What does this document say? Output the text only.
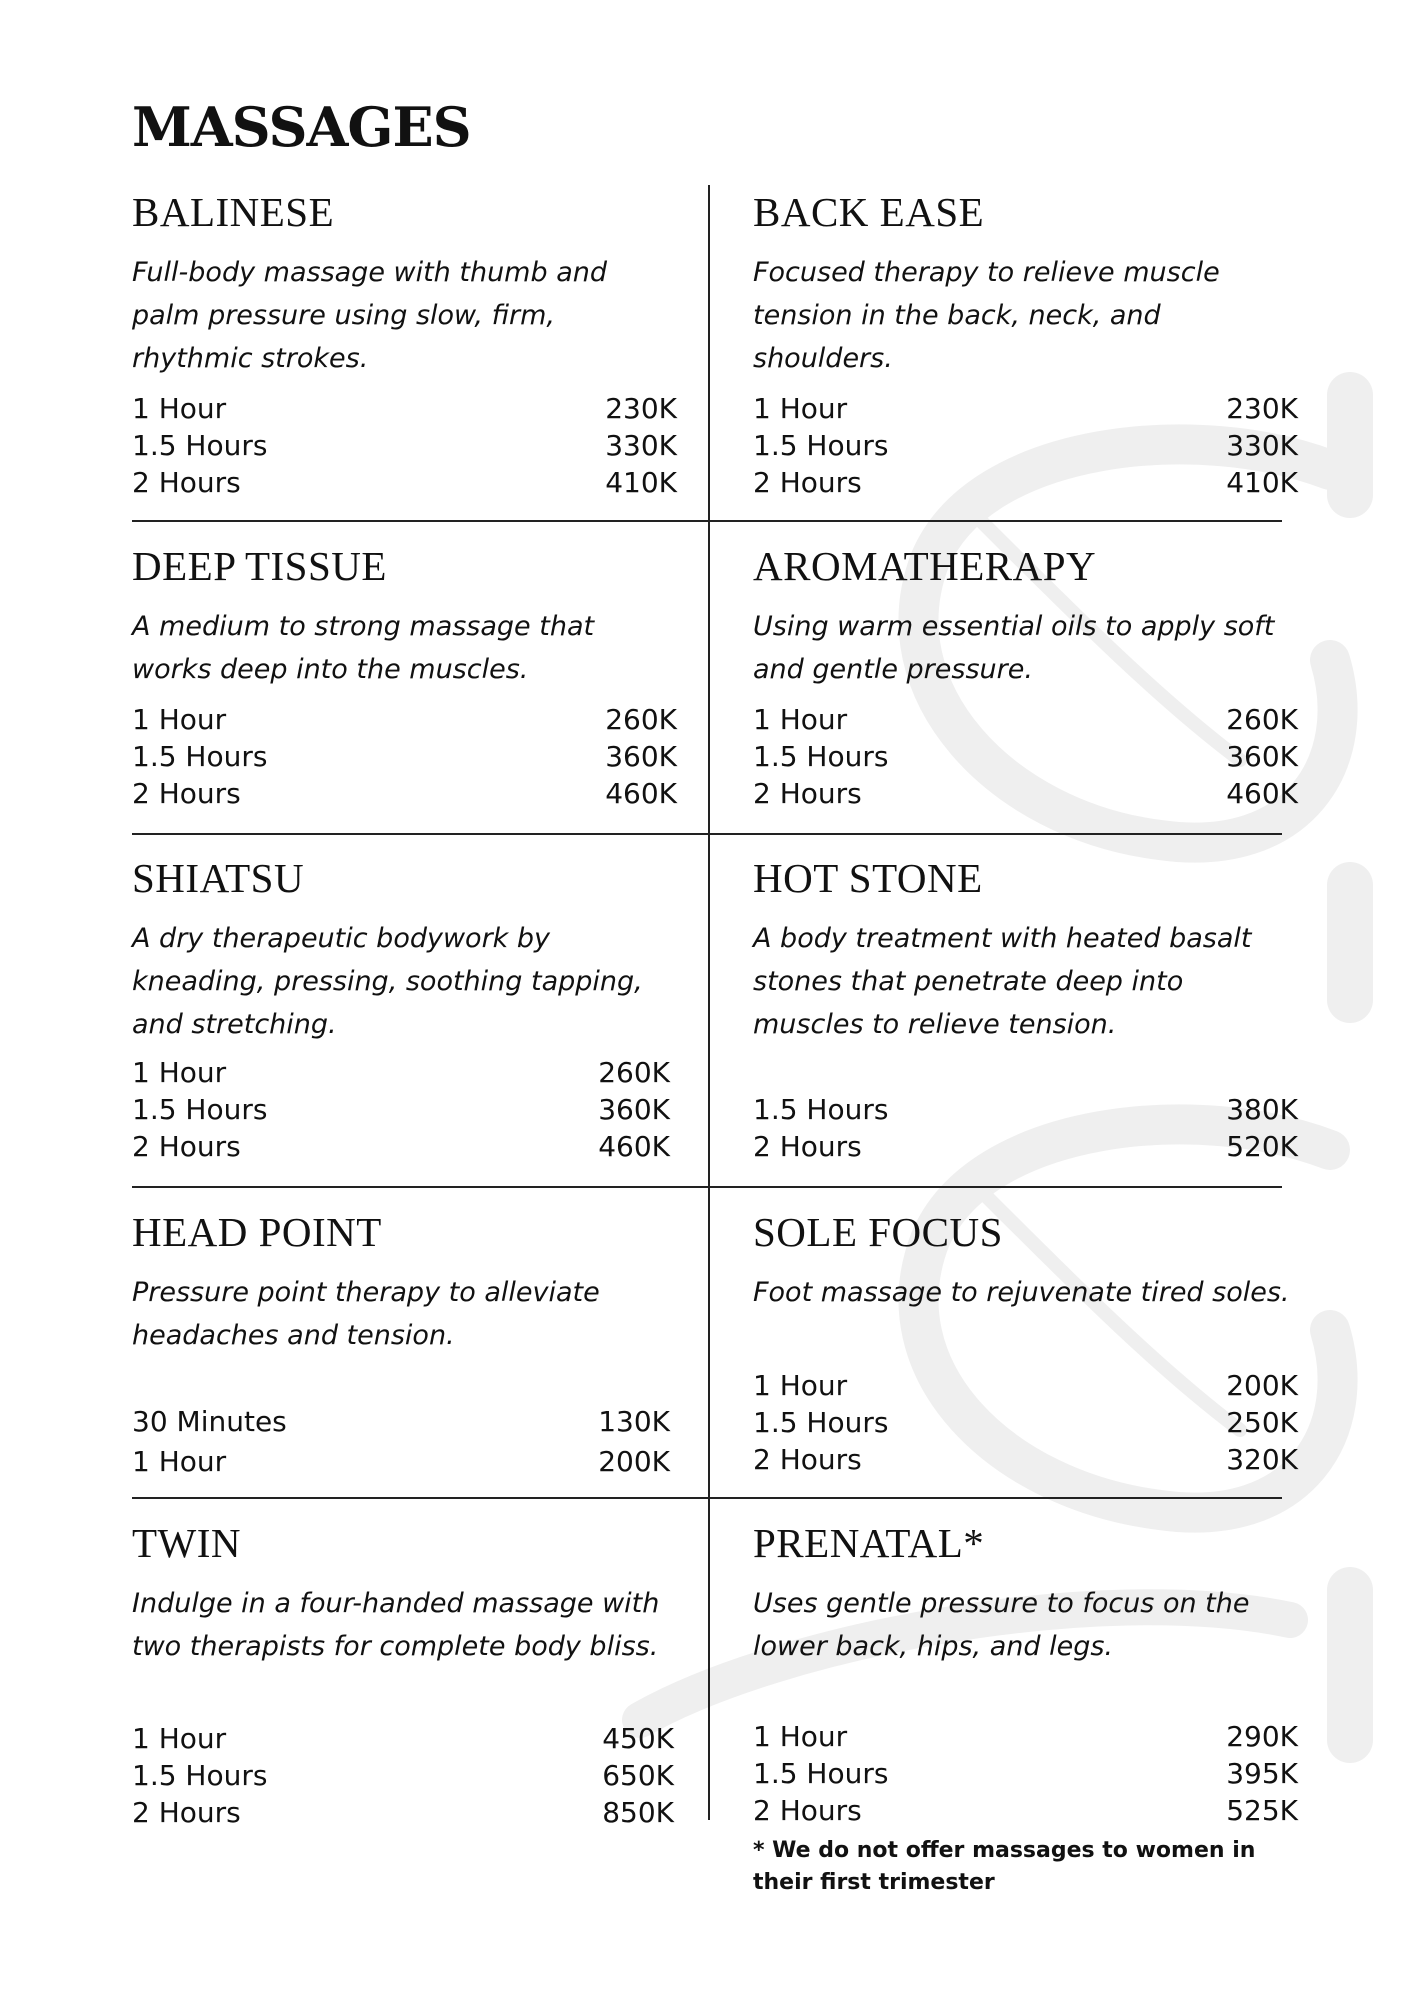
MASSAGES
BALINESE

Full-body massage with thumb and palm pressure using slow, firm, rhythmic strokes.

1 Hour	230K
1.5 Hours	330K
2 Hours	410K
BACK EASE

Focused therapy to relieve muscle tension in the back, neck, and shoulders.

1 Hour	230K
1.5 Hours	330K
2 Hours	410K
DEEP TISSUE

A medium to strong massage that works deep into the muscles.

1 Hour	260K
1.5 Hours	360K
2 Hours	460K
AROMATHERAPY

Using warm essential oils to apply soft and gentle pressure.

1 Hour	260K
1.5 Hours	360K
2 Hours	460K
SHIATSU

A dry therapeutic bodywork by kneading, pressing, soothing tapping, and stretching.

1 Hour	260K
1.5 Hours	360K
2 Hours	460K
HOT STONE

A body treatment with heated basalt stones that penetrate deep into muscles to relieve tension.

1.5 Hours	380K
2 Hours	520K
HEAD POINT

Pressure point therapy to alleviate headaches and tension.

30 Minutes	130K
1 Hour	200K
SOLE FOCUS

Foot massage to rejuvenate tired soles.

1 Hour	200K
1.5 Hours	250K
2 Hours	320K
TWIN

Indulge in a four-handed massage with two therapists for complete body bliss.

1 Hour	450K
1.5 Hours	650K
2 Hours	850K
PRENATAL*

Uses gentle pressure to focus on the lower back, hips, and legs.

1 Hour	290K
1.5 Hours	395K
2 Hours	525K

* We do not offer massages to women in their first trimester
